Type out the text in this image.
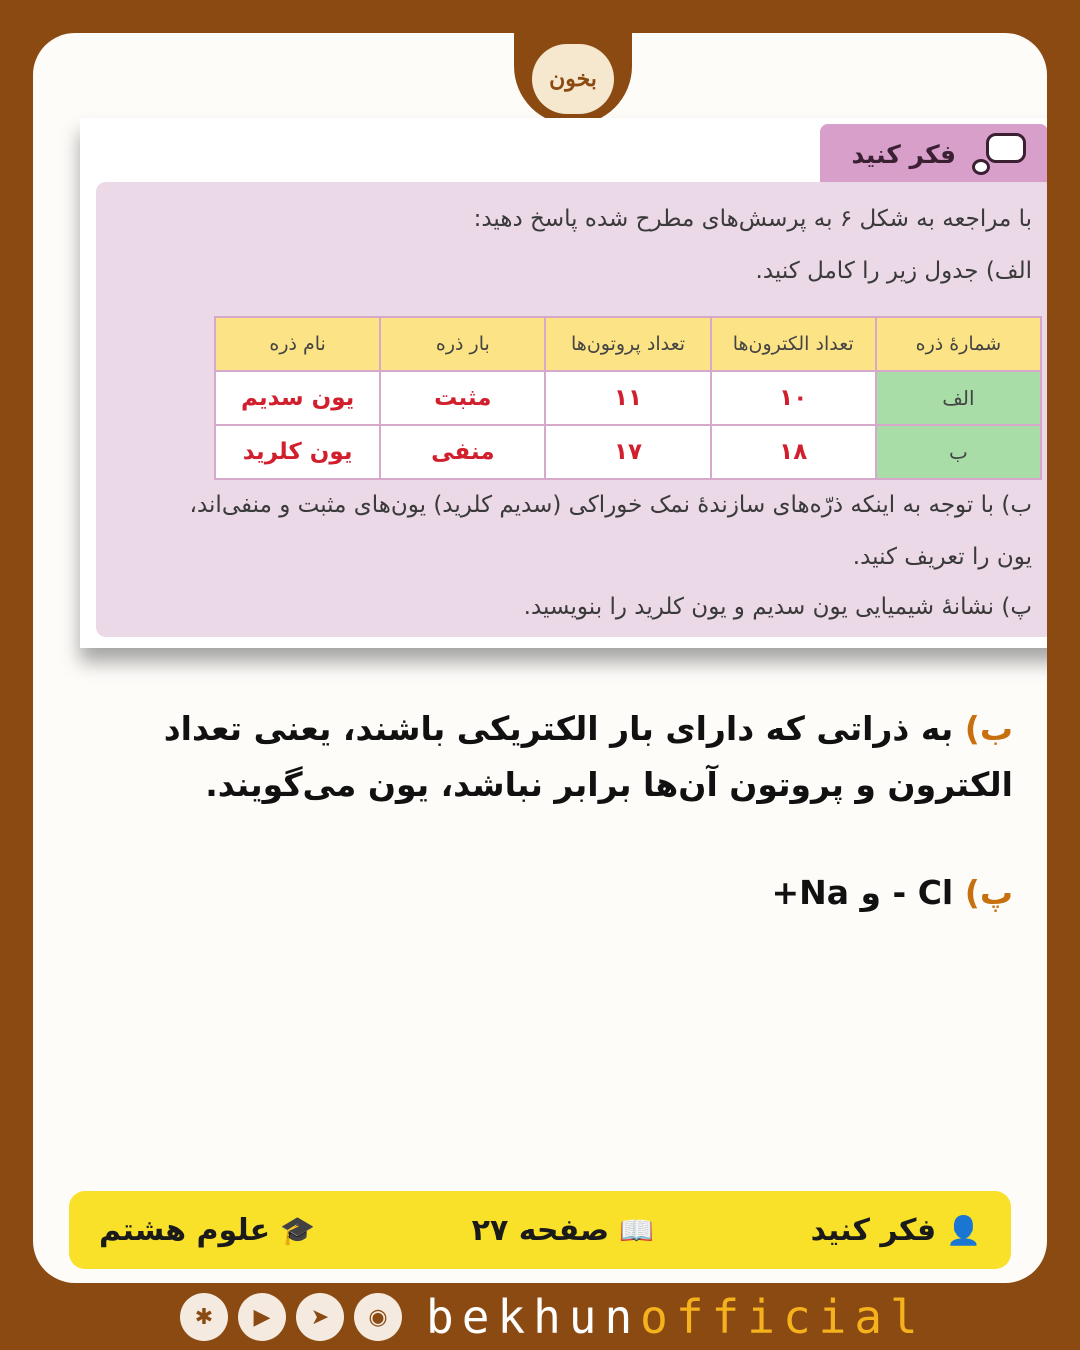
بخون
فکر کنید
با مراجعه به شکل ۶ به پرسش‌های مطرح شده پاسخ دهید:
الف) جدول زیر را کامل کنید.
شمارهٔ ذره	تعداد الکترون‌ها	تعداد پروتون‌ها	بار ذره	نام ذره
الف	۱۰	۱۱	مثبت	یون سدیم
ب	۱۸	۱۷	منفی	یون کلرید
ب) با توجه به اینکه ذرّه‌های سازندهٔ نمک خوراکی (سدیم کلرید) یون‌های مثبت و منفی‌اند،
یون را تعریف کنید.
پ) نشانهٔ شیمیایی یون سدیم و یون کلرید را بنویسید.
ب) به ذراتی که دارای بار الکتریکی باشند، یعنی تعداد الکترون و پروتون آن‌ها برابر نباشد، یون می‌گویند.
پ) +Na و - Cl
👤
فکر کنید
📖
صفحه ۲۷
🎓
علوم هشتم
✱	▶	➤	◉ bekhunofficial
